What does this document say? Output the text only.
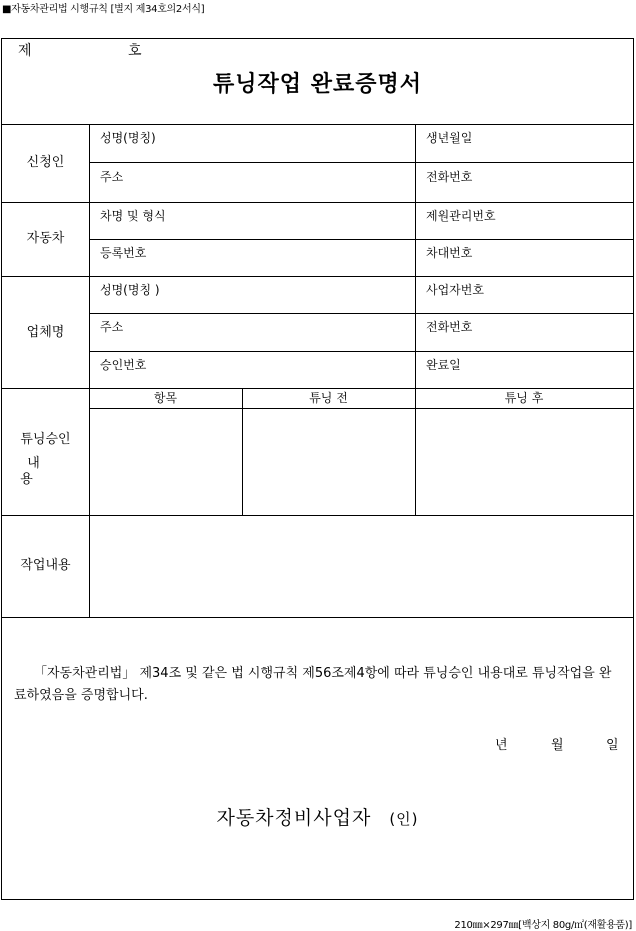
■자동차관리법 시행규칙 [별지 제34호의2서식]
제 호
튜닝작업 완료증명서
신청인
성명(명칭)	생년월일
주소	전화번호
자동차
차명 및 형식	제원관리번호
등록번호	차대번호
업체명
성명(명칭 )	사업자번호
주소	전화번호
승인번호	완료일
튜닝승인
내 용
항목	튜닝 전	튜닝 후
작업내용
「자동차관리법」 제34조 및 같은 법 시행규칙 제56조제4항에 따라 튜닝승인 내용대로 튜닝작업을 완료하였음을 증명합니다.
년	월	일
자동차정비사업자 (인)
210㎜×297㎜[백상지 80g/㎡(재활용품)]
